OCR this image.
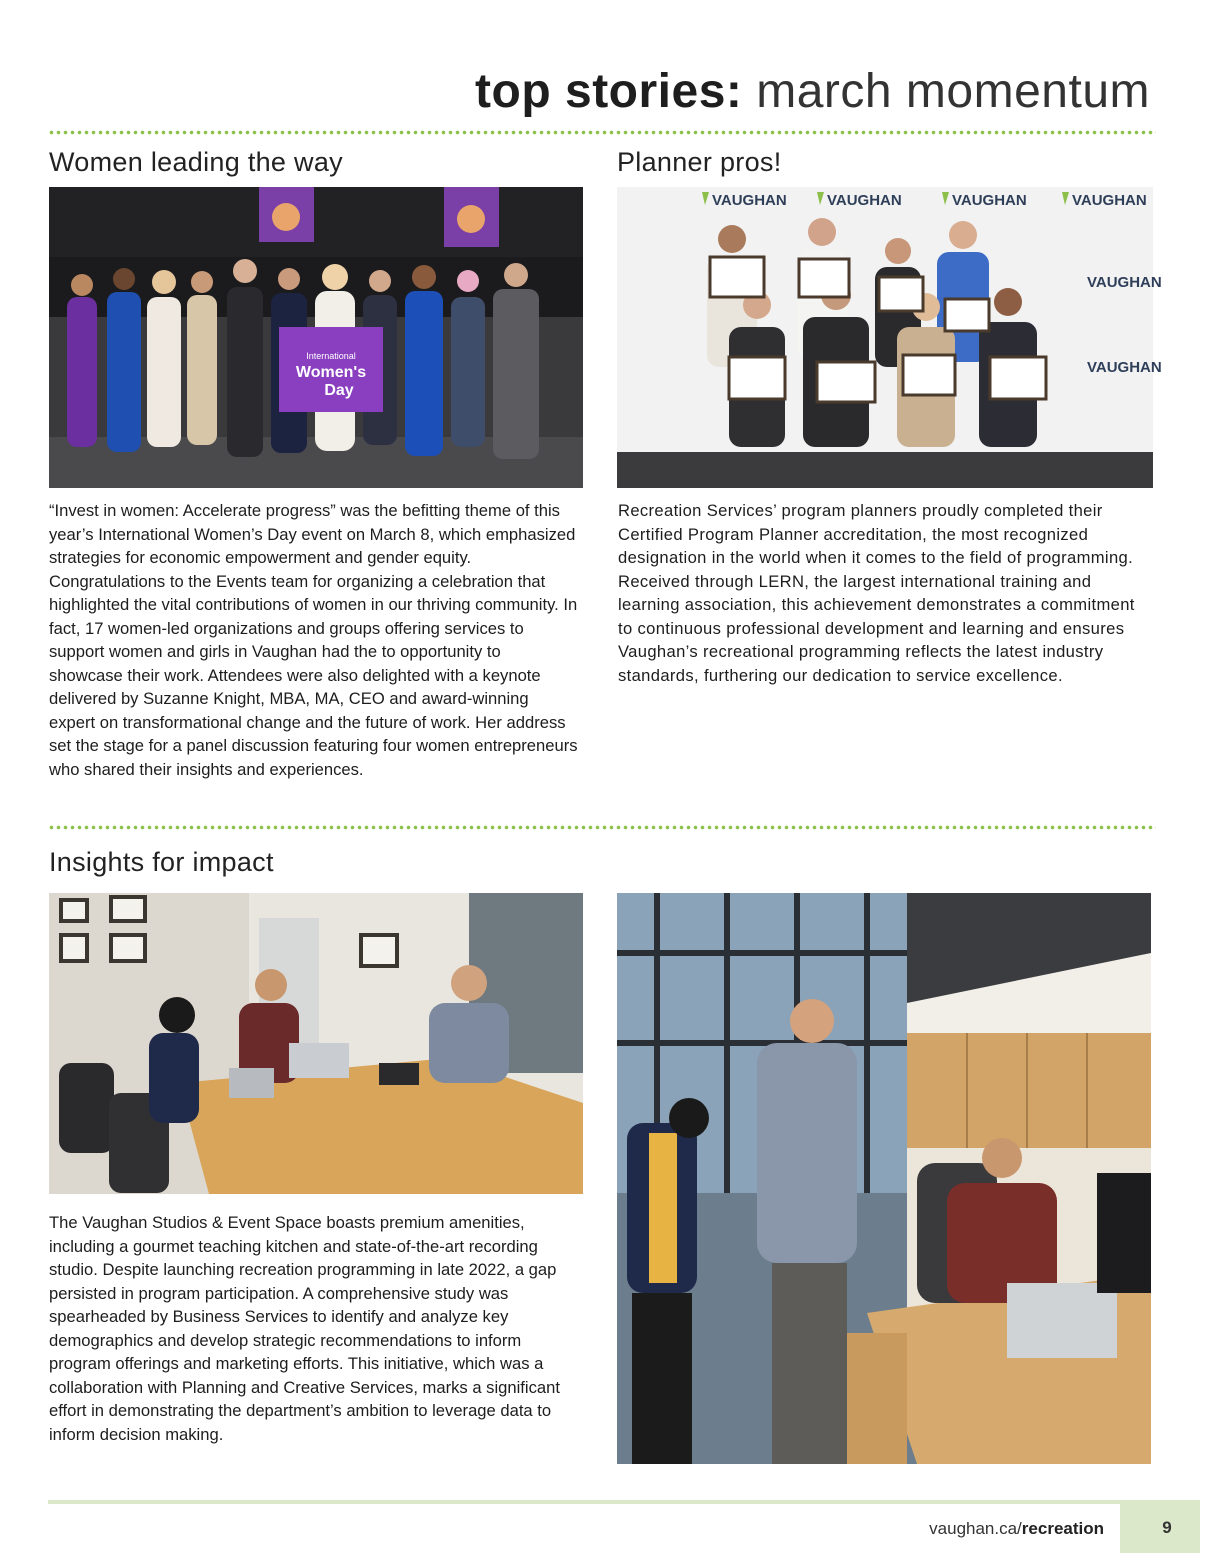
top stories: march momentum
Women leading the way
International
Women's
Day

“Invest in women: Accelerate progress” was the befitting theme of this year’s International Women’s Day event on March 8, which emphasized strategies for economic empowerment and gender equity. Congratulations to the Events team for organizing a celebration that highlighted the vital contributions of women in our thriving community. In fact, 17 women-led organizations and groups offering services to support women and girls in Vaughan had the to opportunity to showcase their work. Attendees were also delighted with a keynote delivered by Suzanne Knight, MBA, MA, CEO and award-winning expert on transformational change and the future of work. Her address set the stage for a panel discussion featuring four women entrepreneurs who shared their insights and experiences.

Planner pros!
VAUGHAN	VAUGHAN	VAUGHAN	VAUGHAN
VAUGHAN
VAUGHAN

Recreation Services’ program planners proudly completed their Certified Program Planner accreditation, the most recognized designation in the world when it comes to the field of programming. Received through LERN, the largest international training and learning association, this achievement demonstrates a commitment to continuous professional development and learning and ensures Vaughan’s recreational programming reflects the latest industry standards, furthering our dedication to service excellence.

Insights for impact

The Vaughan Studios & Event Space boasts premium amenities, including a gourmet teaching kitchen and state-of-the-art recording studio. Despite launching recreation programming in late 2022, a gap persisted in program participation. A comprehensive study was spearheaded by Business Services to identify and analyze key demographics and develop strategic recommendations to inform program offerings and marketing efforts. This initiative, which was a collaboration with Planning and Creative Services, marks a significant effort in demonstrating the department’s ambition to leverage data to inform decision making.

vaughan.ca/recreation	9
